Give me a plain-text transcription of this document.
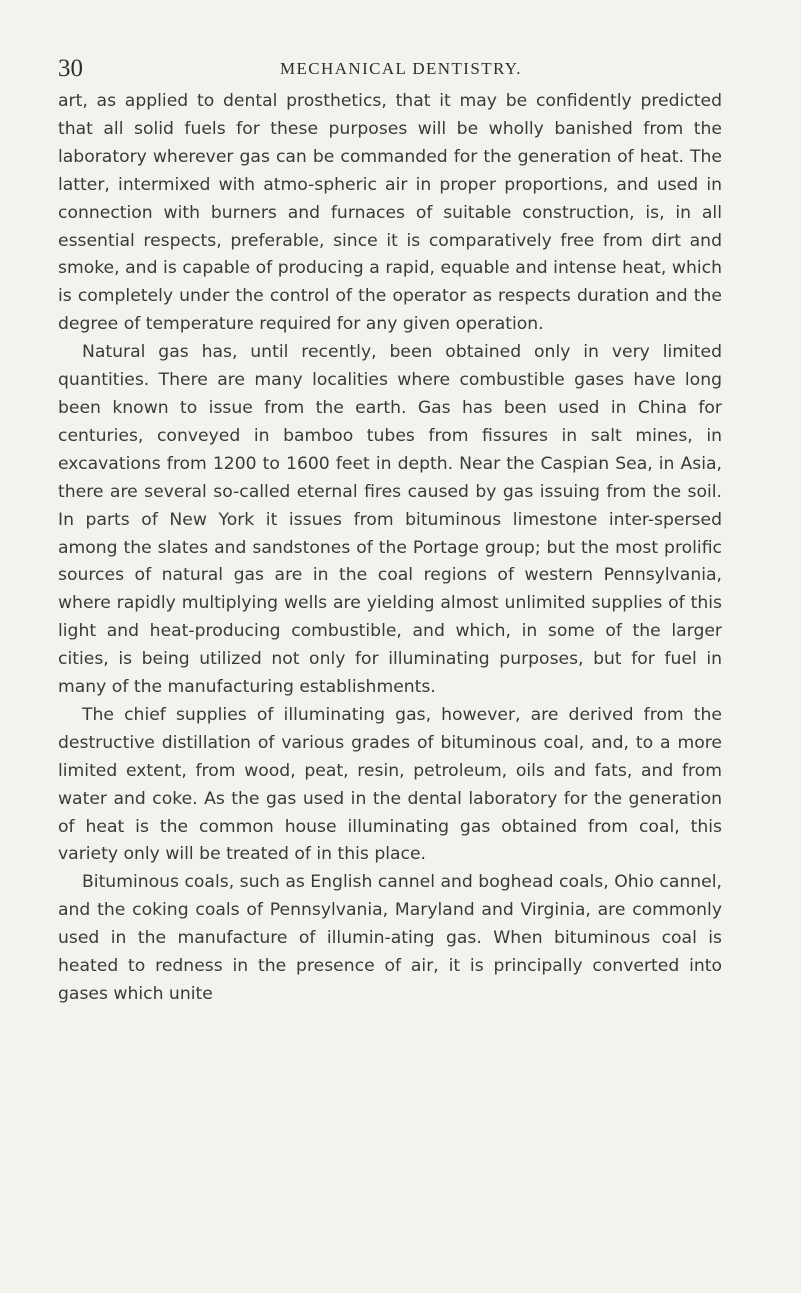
30	MECHANICAL DENTISTRY.

art, as applied to dental prosthetics, that it may be confidently predicted that all solid fuels for these purposes will be wholly banished from the laboratory wherever gas can be commanded for the generation of heat. The latter, intermixed with atmo-spheric air in proper proportions, and used in connection with burners and furnaces of suitable construction, is, in all essential respects, preferable, since it is comparatively free from dirt and smoke, and is capable of producing a rapid, equable and intense heat, which is completely under the control of the operator as respects duration and the degree of temperature required for any given operation.

Natural gas has, until recently, been obtained only in very limited quantities. There are many localities where combustible gases have long been known to issue from the earth. Gas has been used in China for centuries, conveyed in bamboo tubes from fissures in salt mines, in excavations from 1200 to 1600 feet in depth. Near the Caspian Sea, in Asia, there are several so-called eternal fires caused by gas issuing from the soil. In parts of New York it issues from bituminous limestone inter-spersed among the slates and sandstones of the Portage group; but the most prolific sources of natural gas are in the coal regions of western Pennsylvania, where rapidly multiplying wells are yielding almost unlimited supplies of this light and heat-producing combustible, and which, in some of the larger cities, is being utilized not only for illuminating purposes, but for fuel in many of the manufacturing establishments.

The chief supplies of illuminating gas, however, are derived from the destructive distillation of various grades of bituminous coal, and, to a more limited extent, from wood, peat, resin, petroleum, oils and fats, and from water and coke. As the gas used in the dental laboratory for the generation of heat is the common house illuminating gas obtained from coal, this variety only will be treated of in this place.

Bituminous coals, such as English cannel and boghead coals, Ohio cannel, and the coking coals of Pennsylvania, Maryland and Virginia, are commonly used in the manufacture of illumin-ating gas. When bituminous coal is heated to redness in the presence of air, it is principally converted into gases which unite
